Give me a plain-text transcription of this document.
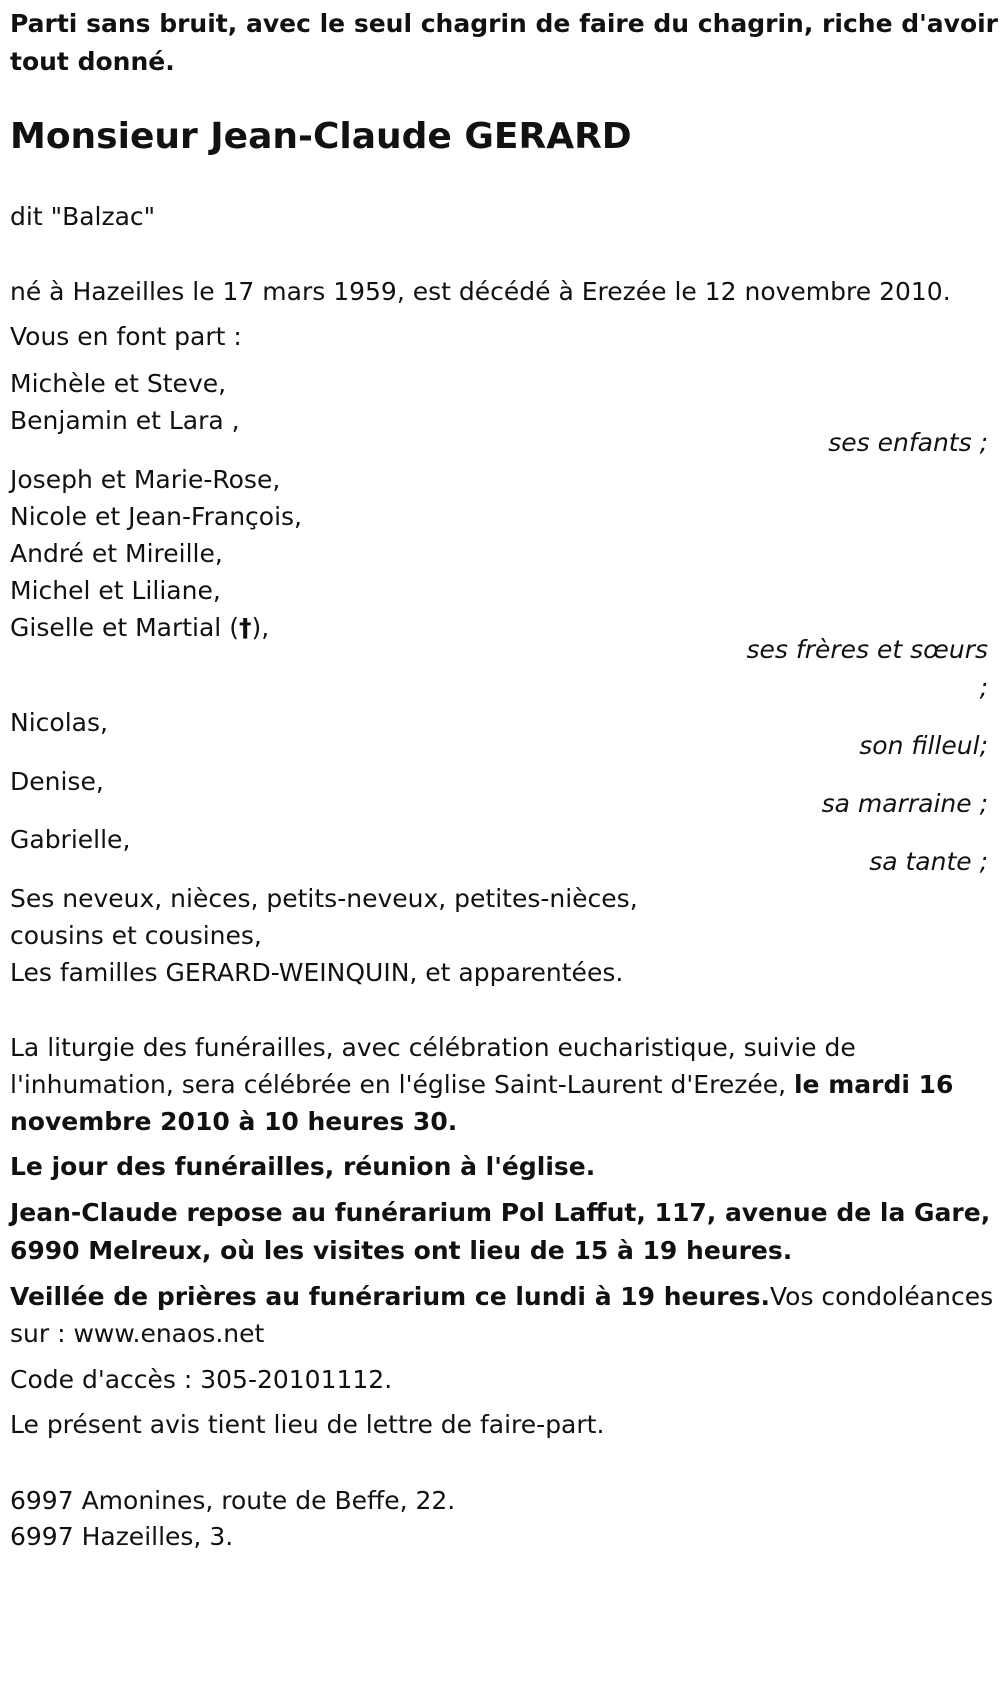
Parti sans bruit, avec le seul chagrin de faire du chagrin, riche d'avoir
tout donné.
Monsieur Jean-Claude GERARD
dit "Balzac"
né à Hazeilles le 17 mars 1959, est décédé à Erezée le 12 novembre 2010.
Vous en font part :
Michèle et Steve,
Benjamin et Lara ,
ses enfants ;
Joseph et Marie-Rose,
Nicole et Jean-François,
André et Mireille,
Michel et Liliane,
Giselle et Martial (†),
ses frères et sœurs
;
Nicolas,
son filleul;
Denise,
sa marraine ;
Gabrielle,
sa tante ;
Ses neveux, nièces, petits-neveux, petites-nièces,
cousins et cousines,
Les familles GERARD-WEINQUIN, et apparentées.
La liturgie des funérailles, avec célébration eucharistique, suivie de
l'inhumation, sera célébrée en l'église Saint-Laurent d'Erezée, le mardi 16
novembre 2010 à 10 heures 30.
Le jour des funérailles, réunion à l'église.
Jean-Claude repose au funérarium Pol Laffut, 117, avenue de la Gare,
6990 Melreux, où les visites ont lieu de 15 à 19 heures.
Veillée de prières au funérarium ce lundi à 19 heures.Vos condoléances
sur : www.enaos.net
Code d'accès : 305-20101112.
Le présent avis tient lieu de lettre de faire-part.
6997 Amonines, route de Beffe, 22.
6997 Hazeilles, 3.
